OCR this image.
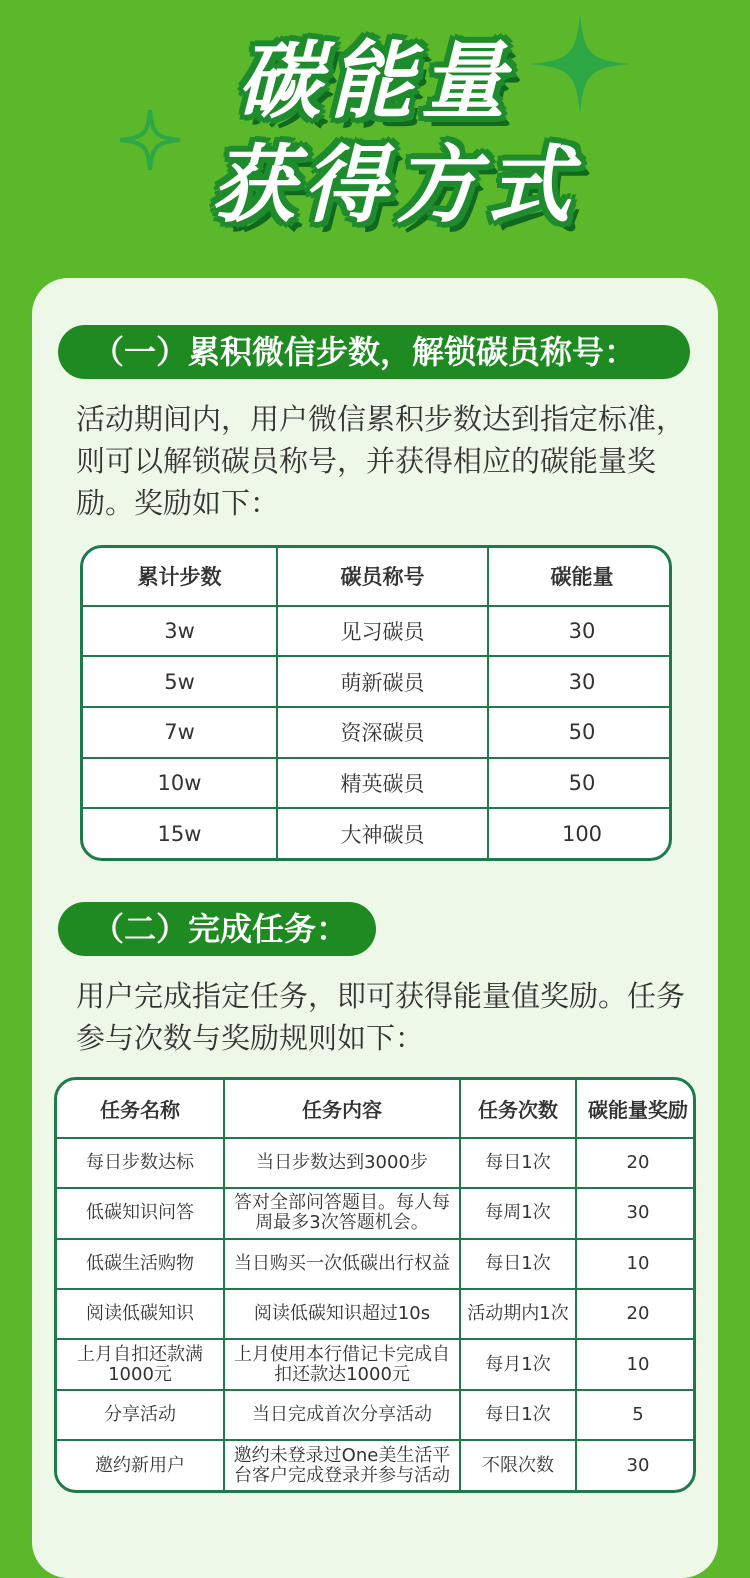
碳能量
获得方式
（一）累积微信步数，解锁碳员称号：
活动期间内，用户微信累积步数达到指定标准，则可以解锁碳员称号，并获得相应的碳能量奖励。奖励如下：
累计步数	碳员称号	碳能量
3w	见习碳员	30
5w	萌新碳员	30
7w	资深碳员	50
10w	精英碳员	50
15w	大神碳员	100
（二）完成任务：
用户完成指定任务，即可获得能量值奖励。任务参与次数与奖励规则如下：
任务名称	任务内容	任务次数	碳能量奖励
每日步数达标	当日步数达到3000步	每日1次	20
低碳知识问答	答对全部问答题目。每人每周最多3次答题机会。	每周1次	30
低碳生活购物	当日购买一次低碳出行权益	每日1次	10
阅读低碳知识	阅读低碳知识超过10s	活动期内1次	20
上月自扣还款满1000元	上月使用本行借记卡完成自扣还款达1000元	每月1次	10
分享活动	当日完成首次分享活动	每日1次	5
邀约新用户	邀约未登录过One美生活平台客户完成登录并参与活动	不限次数	30
